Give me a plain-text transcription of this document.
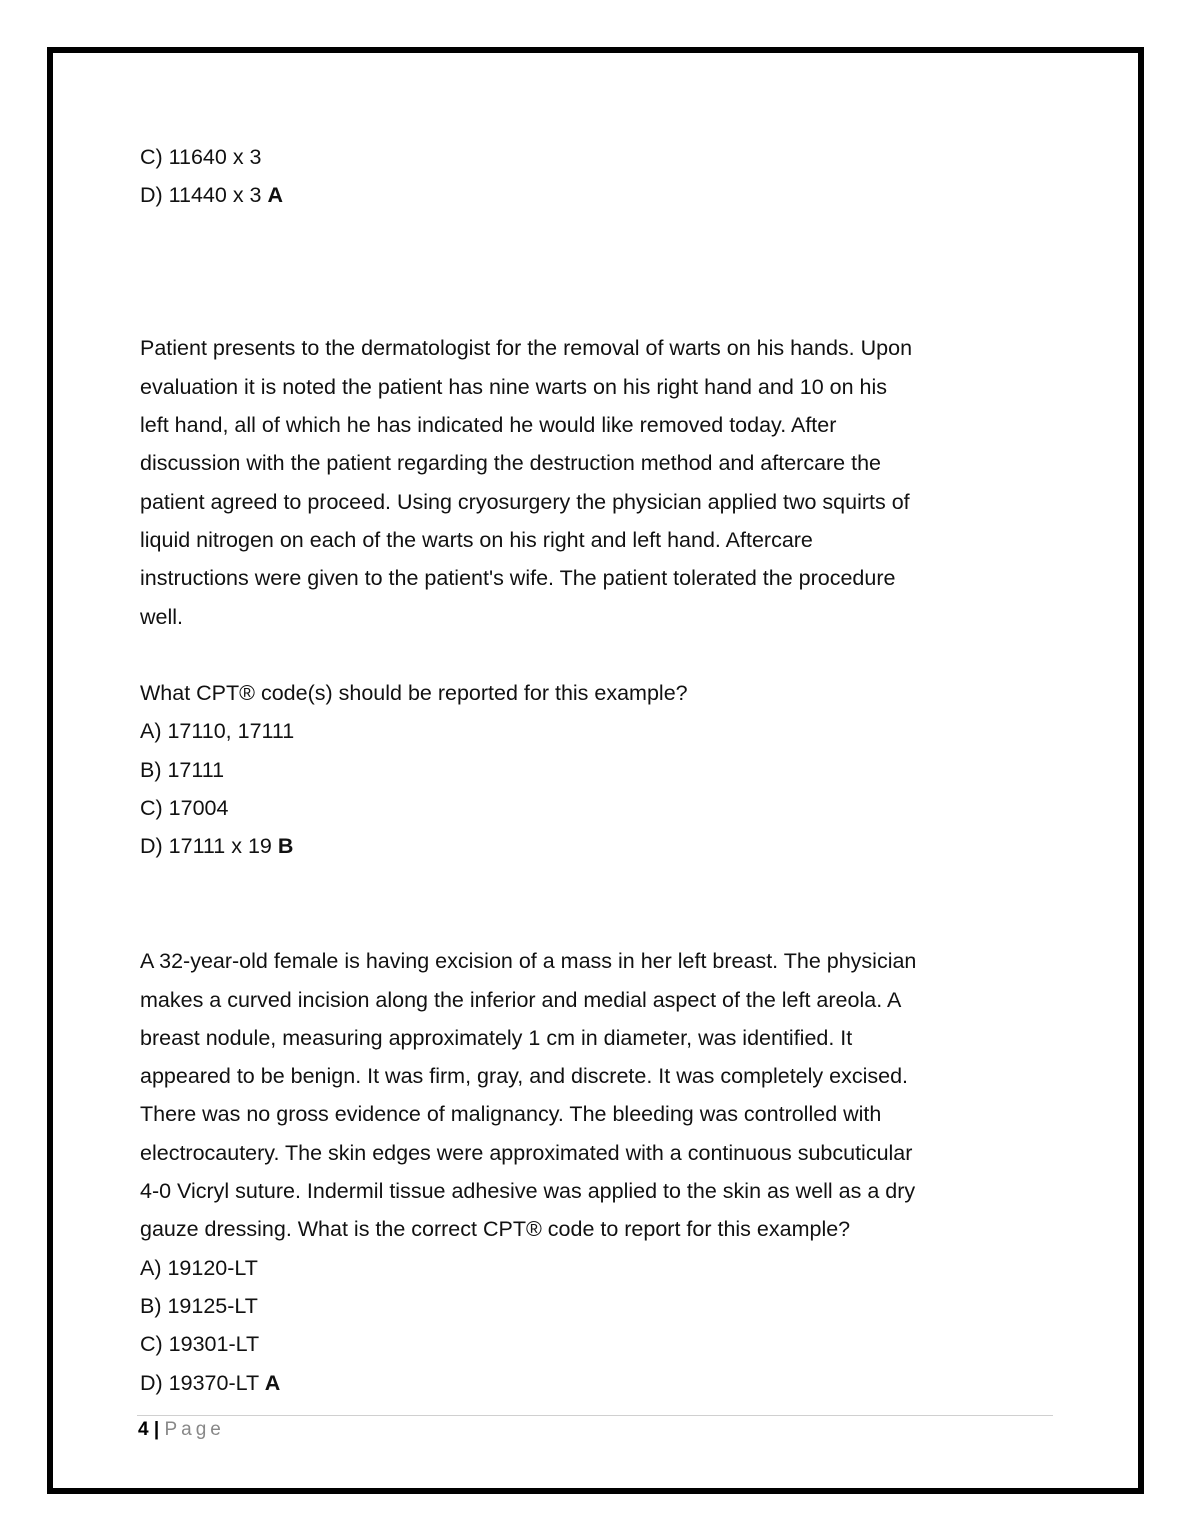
C) 11640 x 3
D) 11440 x 3 A
Patient presents to the dermatologist for the removal of warts on his hands. Upon
evaluation it is noted the patient has nine warts on his right hand and 10 on his
left hand, all of which he has indicated he would like removed today. After
discussion with the patient regarding the destruction method and aftercare the
patient agreed to proceed. Using cryosurgery the physician applied two squirts of
liquid nitrogen on each of the warts on his right and left hand. Aftercare
instructions were given to the patient's wife. The patient tolerated the procedure
well.
What CPT® code(s) should be reported for this example?
A) 17110, 17111
B) 17111
C) 17004
D) 17111 x 19 B
A 32-year-old female is having excision of a mass in her left breast. The physician
makes a curved incision along the inferior and medial aspect of the left areola. A
breast nodule, measuring approximately 1 cm in diameter, was identified. It
appeared to be benign. It was firm, gray, and discrete. It was completely excised.
There was no gross evidence of malignancy. The bleeding was controlled with
electrocautery. The skin edges were approximated with a continuous subcuticular
4-0 Vicryl suture. Indermil tissue adhesive was applied to the skin as well as a dry
gauze dressing. What is the correct CPT® code to report for this example?
A) 19120-LT
B) 19125-LT
C) 19301-LT
D) 19370-LT A
4 | Page
